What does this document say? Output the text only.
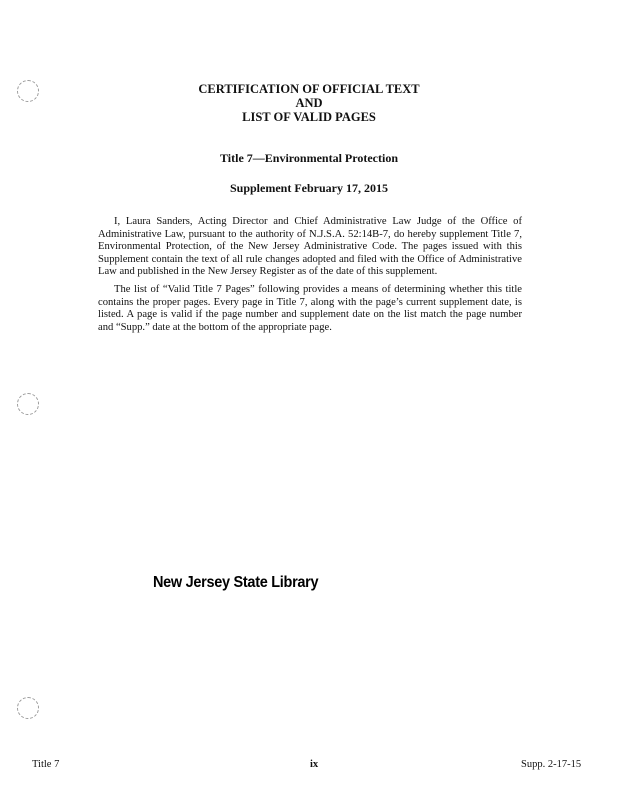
CERTIFICATION OF OFFICIAL TEXT
AND
LIST OF VALID PAGES
Title 7—Environmental Protection
Supplement February 17, 2015

I, Laura Sanders, Acting Director and Chief Administrative Law Judge of the Office of Administrative Law, pursuant to the authority of N.J.S.A. 52:14B-7, do hereby supplement Title 7, Environmental Protection, of the New Jersey Administrative Code. The pages issued with this Supplement contain the text of all rule changes adopted and filed with the Office of Administrative Law and published in the New Jersey Register as of the date of this supplement.

The list of “Valid Title 7 Pages” following provides a means of determining whether this title contains the proper pages. Every page in Title 7, along with the page’s current supplement date, is listed. A page is valid if the page number and supplement date on the list match the page number and “Supp.” date at the bottom of the appropriate page.

New Jersey State Library
Title 7	ix	Supp. 2-17-15
